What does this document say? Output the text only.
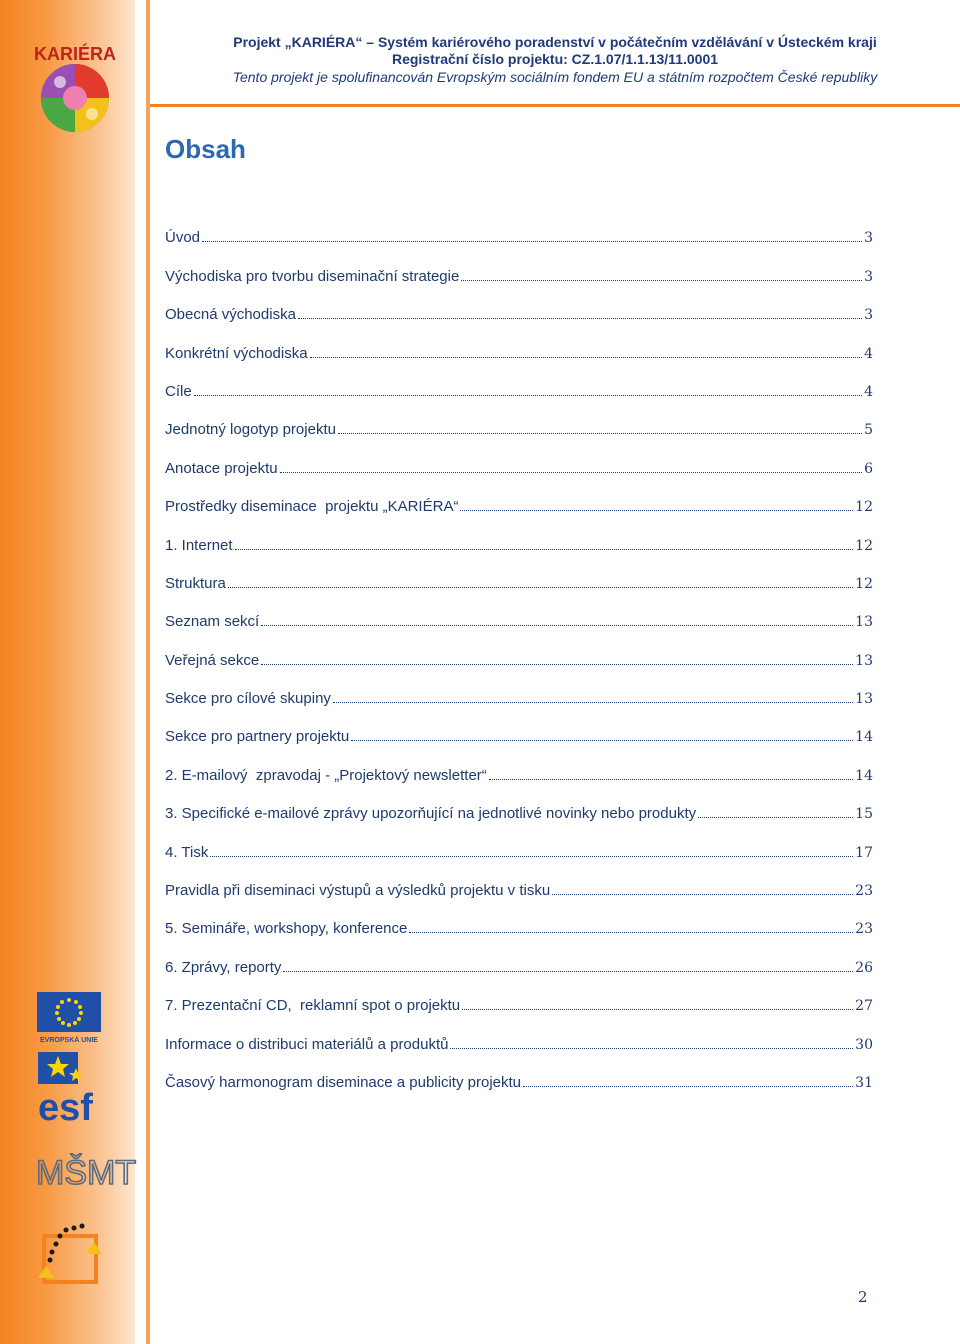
KARIÉRA
Projekt „KARIÉRA“ – Systém kariérového poradenství v počátečním vzdělávání v Ústeckém kraji
Registrační číslo projektu: CZ.1.07/1.1.13/11.0001
Tento projekt je spolufinancován Evropským sociálním fondem EU a státním rozpočtem České republiky
Obsah
Úvod	3
Východiska pro tvorbu diseminační strategie	3
Obecná východiska	3
Konkrétní východiska	4
Cíle	4
Jednotný logotyp projektu	5
Anotace projektu	6
Prostředky diseminace  projektu „KARIÉRA“	12
1. Internet	12
Struktura	12
Seznam sekcí	13
Veřejná sekce	13
Sekce pro cílové skupiny	13
Sekce pro partnery projektu	14
2. E-mailový  zpravodaj - „Projektový newsletter“	14
3. Specifické e-mailové zprávy upozorňující na jednotlivé novinky nebo produkty	15
4. Tisk	17
Pravidla při diseminaci výstupů a výsledků projektu v tisku	23
5. Semináře, workshopy, konference	23
6. Zprávy, reporty	26
7. Prezentační CD,  reklamní spot o projektu	27
Informace o distribuci materiálů a produktů	30
Časový harmonogram diseminace a publicity projektu	31
EVROPSKÁ UNIE
esf
MŠMT
2
